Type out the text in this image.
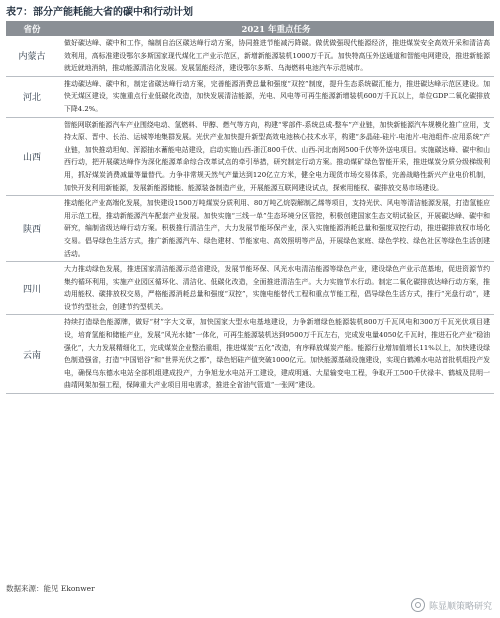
表7：部分产能耗能大省的碳中和行动计划
省份	2021 年重点任务
内蒙古	做好碳达峰、碳中和工作，编制自治区碳达峰行动方案，协同推进节能减污降碳。做优做强现代能源经济，推进煤炭安全高效开采和清洁高效利用，高标准建设鄂尔多斯国家现代煤化工产业示范区，新增新能源装机1000万千瓦。加快特高压外送通道和智能电网建设，推进新能源就近就地消纳，推动能源清洁化发展。发展氢能经济，建设鄂尔多斯、乌海燃料电池汽车示范城市。
河北	推动碳达峰、碳中和，制定省碳达峰行动方案，完善能源消费总量和强度“双控”制度，提升生态系统碳汇能力，推进碳达峰示范区建设。加快无煤区建设，实施重点行业低碳化改造，加快发展清洁能源，光电、风电等可再生能源新增装机600万千瓦以上，单位GDP二氧化碳排放下降4.2%。
山西	智能网联新能源汽车产业围绕电动、氢燃料、甲醇、燃气等方向，构建“零部件-系统总成-整车”产业链，加快新能源汽车规模化推广应用，支持太原、晋中、长治、运城等地集群发展。光伏产业加快提升新型高效电池核心技术水平，构建“多晶硅-硅片-电池片-电池组件-应用系统”产业链，加快推动坦甸、浑源抽水蓄能电站建设，启动实施山西-浙江800千伏、山西-河北南网500千伏等外送电项目。实施碳达峰、碳中和山西行动，把开展碳达峰作为深化能源革命综合改革试点的牵引举措，研究制定行动方案。推动煤矿绿色智能开采，推进煤炭分质分级梯级利用，抓好煤炭消费减量等量替代。力争非常规天然气产量达到120亿立方米，健全电力现货市场交易体系，完善战略性新兴产业电价机制，加快开发利用新能源，发展新能源储能、能源装备制造产业，开展能源互联网建设试点，探索用能权、碳排放交易市场建设。
陕西	推动能化产业高端化发展，加快建设1500万吨煤炭分质利用、80万吨乙烷裂解制乙烯等项目，支持光伏、风电等清洁能源发展，打造氢能应用示范工程，推动新能源汽车配套产业发展。加快实施“三线一单”生态环境分区管控，积极创建国家生态文明试验区，开展碳达峰、碳中和研究，编制省级达峰行动方案。积极推行清洁生产，大力发展节能环保产业，深入实施能源消耗总量和强度双控行动，推进碳排放权市场化交易。倡导绿色生活方式，推广新能源汽车、绿色建材、节能家电、高效照明等产品，开展绿色家庭、绿色学校、绿色社区等绿色生活创建活动。
四川	大力推动绿色发展，推进国家清洁能源示范省建设，发展节能环保、风光水电清洁能源等绿色产业，建设绿色产业示范基地，促进资源节约集约循环利用，实施产业园区循环化、清洁化、低碳化改造，全面推进清洁生产。大力实施节水行动。制定二氧化碳排放达峰行动方案，推动用能权、碳排放权交易，严格能源消耗总量和强度“双控”，实施电能替代工程和重点节能工程，倡导绿色生活方式，推行“光盘行动”，建设节约型社会，创建节约型机关。
云南	持续打造绿色能源牌，做好“材”字大文章，加快国家大型水电基地建设，力争新增绿色能源装机800万千瓦风电和300万千瓦光伏项目建设，培育氢能和储能产业，发展“风光水储”一体化，可再生能源装机达到9500万千瓦左右，完成发电量4050亿千瓦时，推进石化产业“稳油强化”，大力发展精细化工，完成煤炭企业整治重组，推进煤炭“五化”改造，有序释放煤炭产能。能源行业增加值增长11%以上，加快建设绿色制造强省，打造“中国铝谷”和“世界光伏之都”，绿色铝硅产值突破1000亿元。加快能源基础设施建设，实现白鹤滩水电站首批机组投产发电，确保乌东德水电站全部机组建成投产，力争旭龙水电站开工建设，建成明通、大星输变电工程，争取开工500千伏禄丰、鹤城及昆明一曲靖网架加强工程，保障重大产业项目用电需求，推进全省油气管道“一张网”建设。
数据来源：能见 Ekonwer
陈显顺策略研究
